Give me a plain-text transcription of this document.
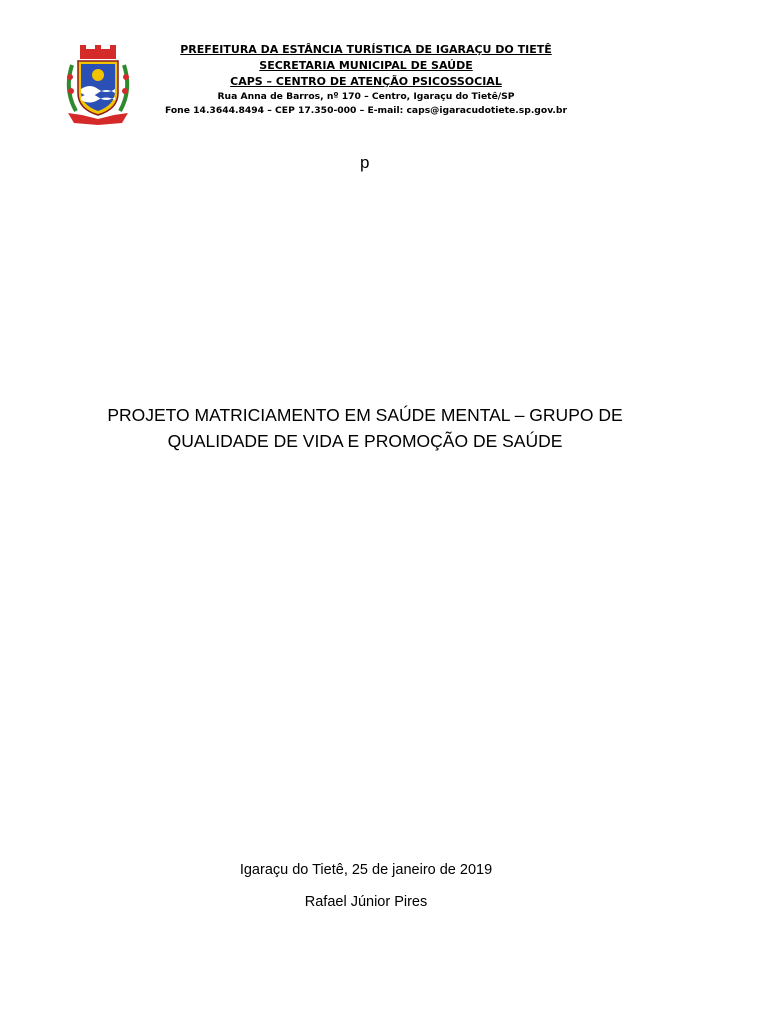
PREFEITURA DA ESTÂNCIA TURÍSTICA DE IGARAÇU DO TIETÊ
SECRETARIA MUNICIPAL DE SAÚDE
CAPS – CENTRO DE ATENÇÃO PSICOSSOCIAL
Rua Anna de Barros, nº 170 – Centro, Igaraçu do Tietê/SP
Fone 14.3644.8494 – CEP 17.350-000 – E-mail: caps@igaracudotiete.sp.gov.br
p
PROJETO MATRICIAMENTO EM SAÚDE MENTAL – GRUPO DE
QUALIDADE DE VIDA E PROMOÇÃO DE SAÚDE
Igaraçu do Tietê, 25 de janeiro de 2019
Rafael Júnior Pires
